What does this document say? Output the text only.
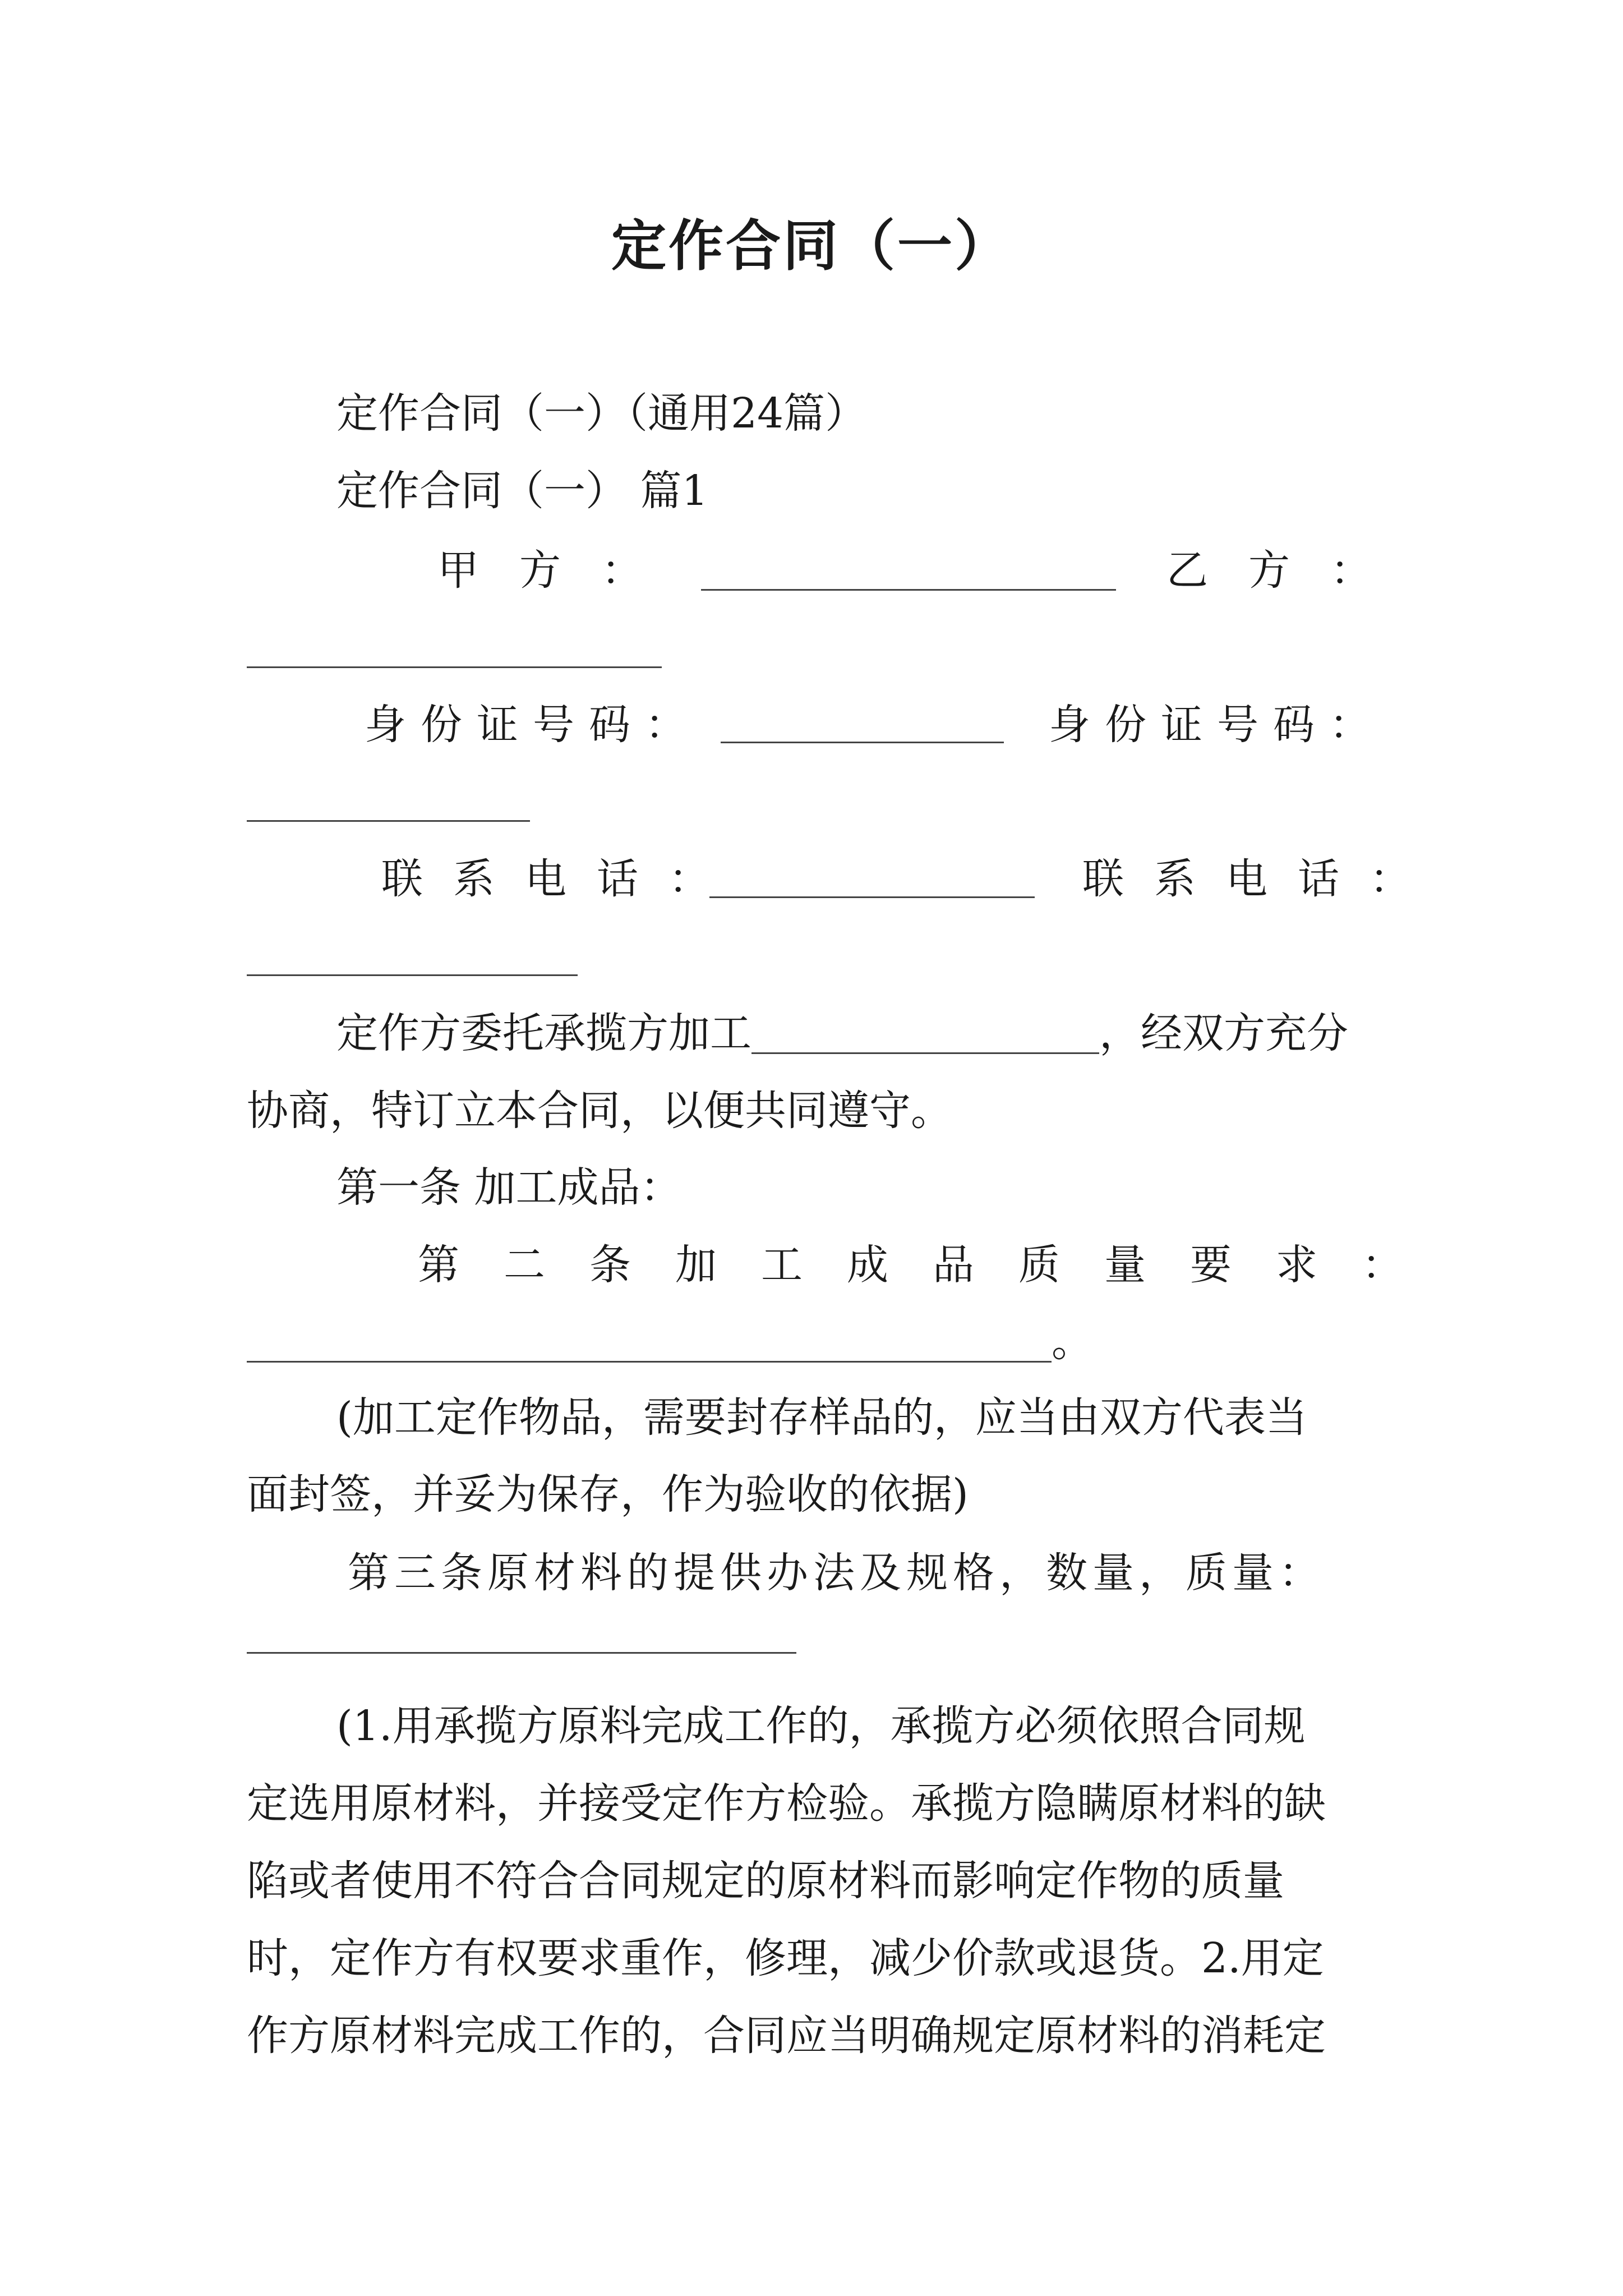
定作合同（一）
定作合同（一）（通用24篇）
定作合同（一） 篇1
甲方：	乙方：
身份证号码：	身份证号码：
联系电话：	联系电话：
定作方委托承揽方加工	，经双方充分
协商，特订立本合同，以便共同遵守。
第一条 加工成品：
第二条加工成品质量要求：
。
(加工定作物品，需要封存样品的，应当由双方代表当
面封签，并妥为保存，作为验收的依据)
第三条原材料的提供办法及规格，数量，质量：
(1.用承揽方原料完成工作的，承揽方必须依照合同规
定选用原材料，并接受定作方检验。承揽方隐瞒原材料的缺
陷或者使用不符合合同规定的原材料而影响定作物的质量
时，定作方有权要求重作，修理，减少价款或退货。2.用定
作方原材料完成工作的，合同应当明确规定原材料的消耗定
